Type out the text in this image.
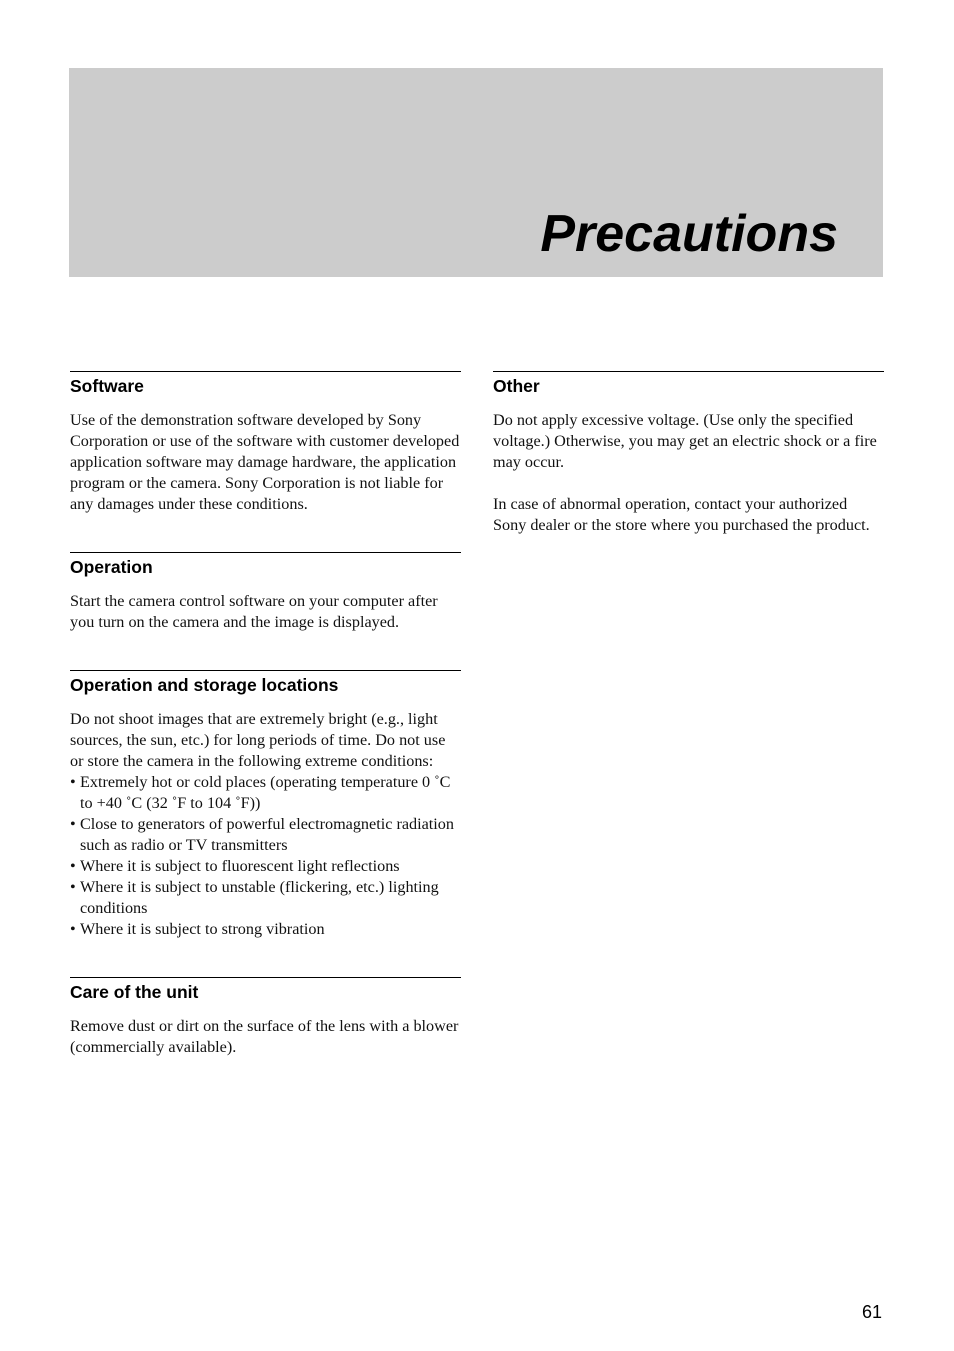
Precautions
Software

Use of the demonstration software developed by Sony Corporation or use of the software with customer developed application software may damage hardware, the application program or the camera. Sony Corporation is not liable for any damages under these conditions.

Operation

Start the camera control software on your computer after you turn on the camera and the image is displayed.

Operation and storage locations

Do not shoot images that are extremely bright (e.g., light sources, the sun, etc.) for long periods of time. Do not use or store the camera in the following extreme conditions:

• Extremely hot or cold places (operating temperature 0 ˚C to +40 ˚C (32 ˚F to 104 ˚F))
• Close to generators of powerful electromagnetic radiation such as radio or TV transmitters
• Where it is subject to fluorescent light reflections
• Where it is subject to unstable (flickering, etc.) lighting conditions
• Where it is subject to strong vibration
Care of the unit

Remove dust or dirt on the surface of the lens with a blower (commercially available).

Other

Do not apply excessive voltage. (Use only the specified voltage.) Otherwise, you may get an electric shock or a fire may occur.

In case of abnormal operation, contact your authorized Sony dealer or the store where you purchased the product.

61
